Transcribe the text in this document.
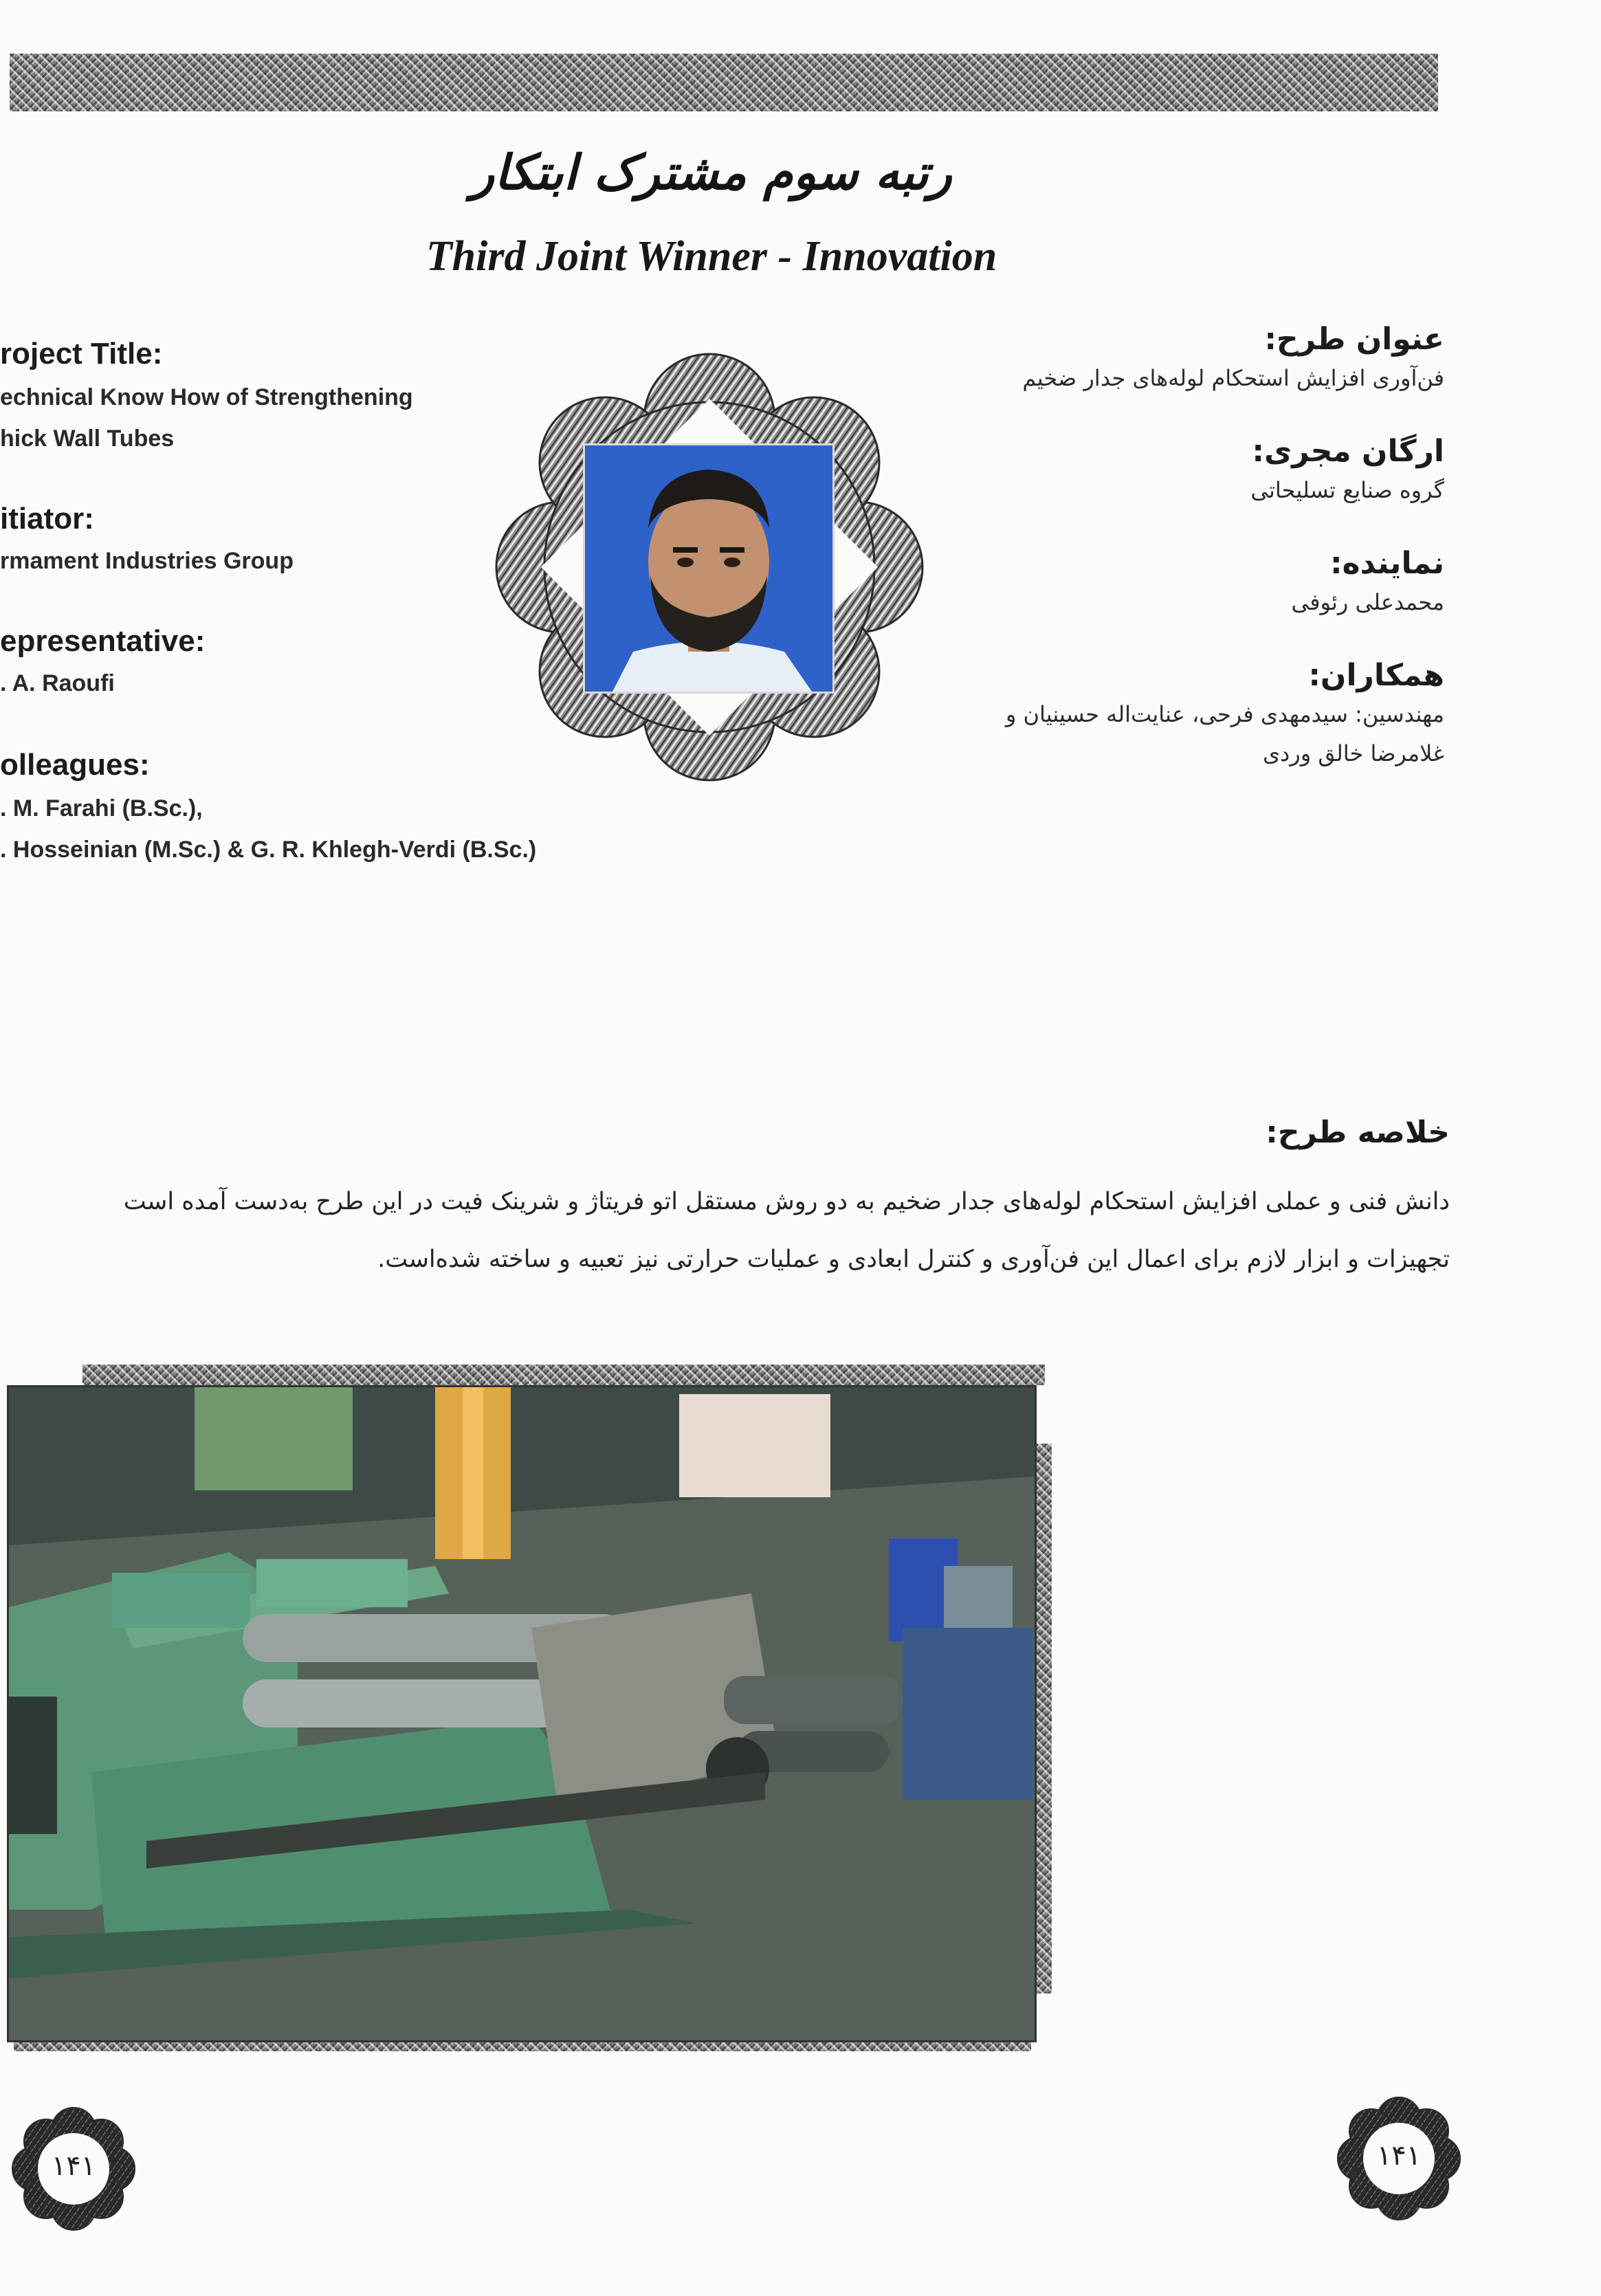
رتبه سوم مشترک ابتکار
Third Joint Winner - Innovation
roject Title:
echnical Know How of Strengthening
hick Wall Tubes
itiator:
rmament Industries Group
epresentative:
. A. Raoufi
olleagues:
. M. Farahi (B.Sc.),
. Hosseinian (M.Sc.) & G. R. Khlegh-Verdi (B.Sc.)
عنوان طرح:
فن‌آوری افزایش استحکام لوله‌های جدار ضخیم
ارگان مجری:
گروه صنایع تسلیحاتی
نماینده:
محمدعلی رئوفی
همکاران:
مهندسین: سیدمهدی فرحی، عنایت‌اله حسینیان و
غلامرضا خالق وردی
خلاصه طرح:
دانش فنی و عملی افزایش استحکام لوله‌های جدار ضخیم به دو روش مستقل اتو فریتاژ و شرینک فیت در این طرح به‌دست آمده است
تجهیزات و ابزار لازم برای اعمال این فن‌آوری و کنترل ابعادی و عملیات حرارتی نیز تعبیه و ساخته شده‌است.
۱۴۱	۱۴۱
